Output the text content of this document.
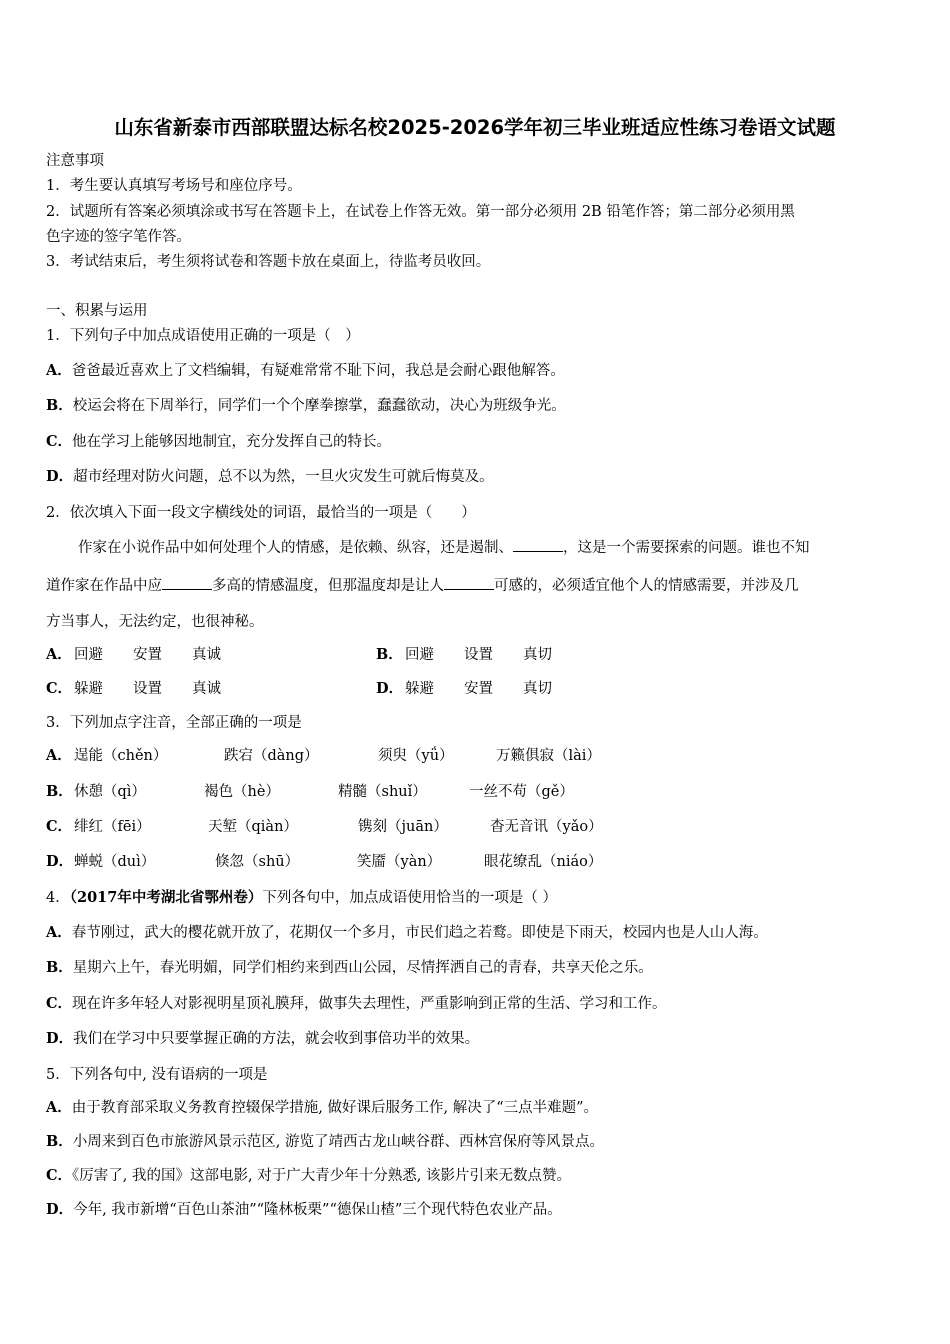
山东省新泰市西部联盟达标名校2025-2026学年初三毕业班适应性练习卷语文试题
注意事项
1．考生要认真填写考场号和座位序号。
2．试题所有答案必须填涂或书写在答题卡上，在试卷上作答无效。第一部分必须用 2B 铅笔作答；第二部分必须用黑
色字迹的签字笔作答。
3．考试结束后，考生须将试卷和答题卡放在桌面上，待监考员收回。
一、积累与运用
1．下列句子中加点成语使用正确的一项是（　）
A．爸爸最近喜欢上了文档编辑，有疑难常常不耻下问，我总是会耐心跟他解答。
B．校运会将在下周举行，同学们一个个摩拳擦掌，蠢蠢欲动，决心为班级争光。
C．他在学习上能够因地制宜，充分发挥自己的特长。
D．超市经理对防火问题，总不以为然，一旦火灾发生可就后悔莫及。
2．依次填入下面一段文字横线处的词语，最恰当的一项是（　　）
作家在小说作品中如何处理个人的情感，是依赖、纵容，还是遏制、	，这是一个需要探索的问题。谁也不知
道作家在作品中应	多高的情感温度，但那温度却是让人	可感的，必须适宜他个人的情感需要，并涉及几
方当事人，无法约定，也很神秘。
A． 回避 安置 真诚	B． 回避 设置 真切
C． 躲避 设置 真诚	D． 躲避 安置 真切
3．下列加点字注音，全部正确的一项是
A． 逞能（chěn）	跌宕（dàng）	须臾（yǘ）	万籁俱寂（lài）
B． 休憩（qì）	褐色（hè）	精髓（shuǐ）	一丝不苟（gě）
C． 绯红（fēi）	天堑（qiàn）	镌刻（juān）	杳无音讯（yǎo）
D． 蝉蜕（duì）	倏忽（shū）	笑靥（yàn）	眼花缭乱（niáo）
4．（2017年中考湖北省鄂州卷）下列各句中，加点成语使用恰当的一项是（ ）
A．春节刚过，武大的樱花就开放了，花期仅一个多月，市民们趋之若鹜。即使是下雨天，校园内也是人山人海。
B．星期六上午，春光明媚，同学们相约来到西山公园，尽情挥洒自己的青春，共享天伦之乐。
C．现在许多年轻人对影视明星顶礼膜拜，做事失去理性，严重影响到正常的生活、学习和工作。
D．我们在学习中只要掌握正确的方法，就会收到事倍功半的效果。
5．下列各句中, 没有语病的一项是
A．由于教育部采取义务教育控辍保学措施, 做好课后服务工作, 解决了“三点半难题”。
B．小周来到百色市旅游风景示范区, 游览了靖西古龙山峡谷群、西林宫保府等风景点。
C．《厉害了, 我的国》这部电影, 对于广大青少年十分熟悉, 该影片引来无数点赞。
D．今年, 我市新增“百色山茶油”“隆林板栗”“德保山楂”三个现代特色农业产品。
